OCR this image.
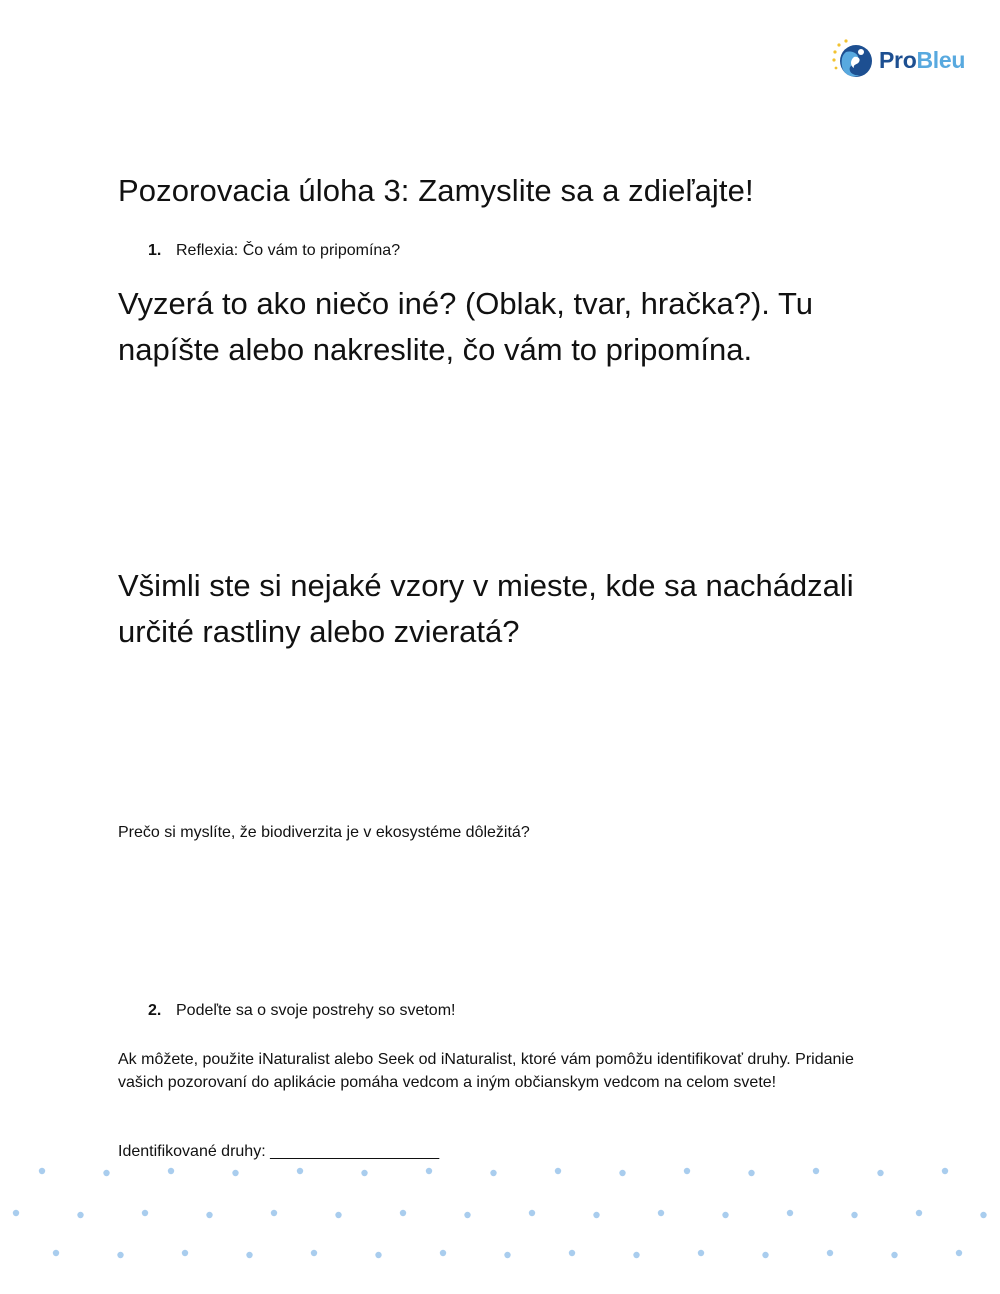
ProBleu
Pozorovacia úloha 3: Zamyslite sa a zdieľajte!
1. Reflexia: Čo vám to pripomína?

Vyzerá to ako niečo iné? (Oblak, tvar, hračka?). Tu napíšte alebo nakreslite, čo vám to pripomína.

Všimli ste si nejaké vzory v mieste, kde sa nachádzali určité rastliny alebo zvieratá?

Prečo si myslíte, že biodiverzita je v ekosystéme dôležitá?

2. Podeľte sa o svoje postrehy so svetom!

Ak môžete, použite iNaturalist alebo Seek od iNaturalist, ktoré vám pomôžu identifikovať druhy. Pridanie vašich pozorovaní do aplikácie pomáha vedcom a iným občianskym vedcom na celom svete!

Identifikované druhy: ___________________
